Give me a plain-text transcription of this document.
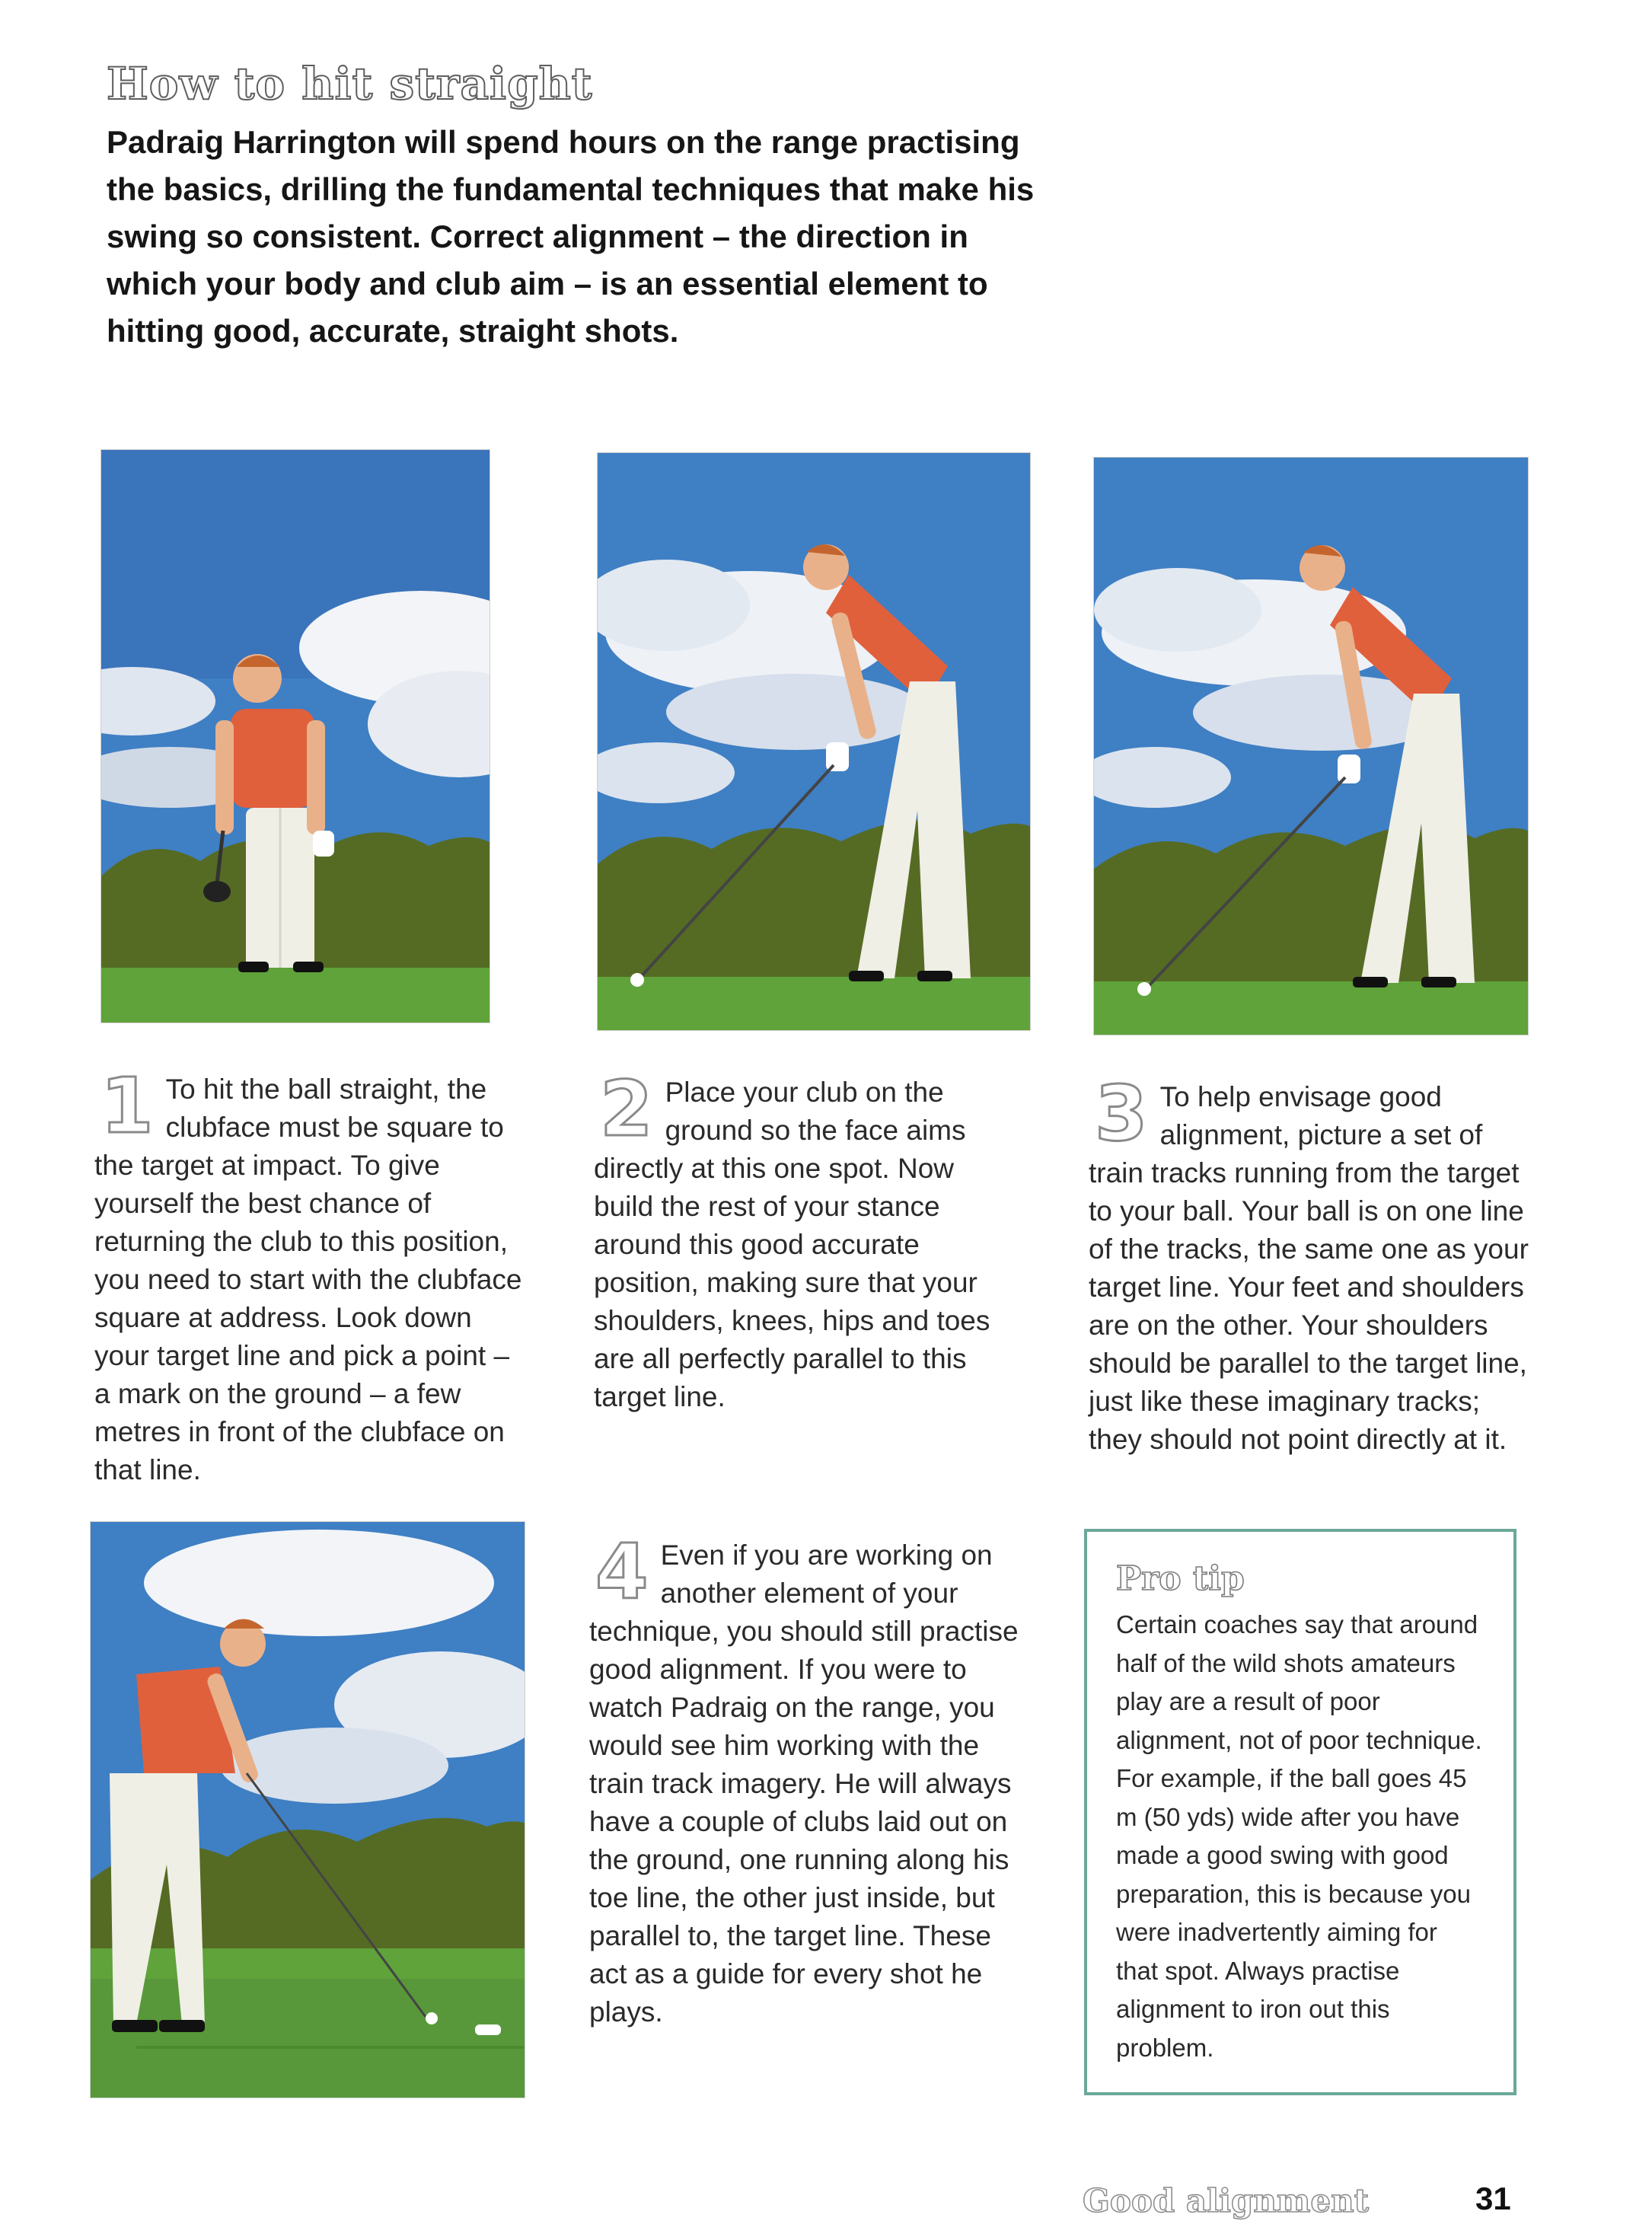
How to hit straight
Padraig Harrington will spend hours on the range practising the basics, drilling the fundamental techniques that make his swing so consistent. Correct alignment – the direction in which your body and club aim – is an essential element to hitting good, accurate, straight shots.
1 To hit the ball straight, the clubface must be square to the target at impact. To give yourself the best chance of returning the club to this position, you need to start with the clubface square at address. Look down your target line and pick a point – a mark on the ground – a few metres in front of the clubface on that line.
2 Place your club on the ground so the face aims directly at this one spot. Now build the rest of your stance around this good accurate position, making sure that your shoulders, knees, hips and toes are all perfectly parallel to this target line.
3 To help envisage good alignment, picture a set of train tracks running from the target to your ball. Your ball is on one line of the tracks, the same one as your target line. Your feet and shoulders are on the other. Your shoulders should be parallel to the target line, just like these imaginary tracks; they should not point directly at it.
4 Even if you are working on another element of your technique, you should still practise good alignment. If you were to watch Padraig on the range, you would see him working with the train track imagery. He will always have a couple of clubs laid out on the ground, one running along his toe line, the other just inside, but parallel to, the target line. These act as a guide for every shot he plays.
Pro tip
Certain coaches say that around half of the wild shots amateurs play are a result of poor alignment, not of poor technique. For example, if the ball goes 45 m (50 yds) wide after you have made a good swing with good preparation, this is because you were inadvertently aiming for that spot. Always practise alignment to iron out this problem.
Good alignment	31
